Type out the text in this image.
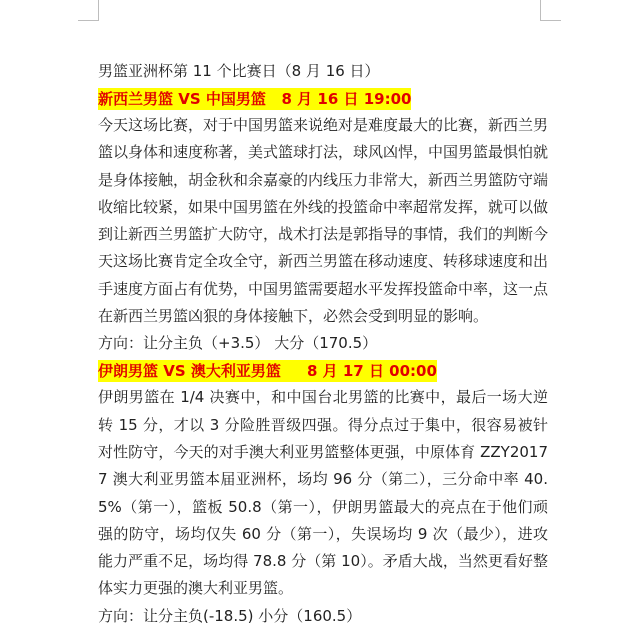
男篮亚洲杯第 11 个比赛日（8 月 16 日）
新西兰男篮 VS 中国男篮   8 月 16 日 19:00

今天这场比赛，对于中国男篮来说绝对是难度最大的比赛，新西兰男篮以身体和速度称著，美式篮球打法，球风凶悍，中国男篮最惧怕就是身体接触，胡金秋和余嘉豪的内线压力非常大，新西兰男篮防守端收缩比较紧，如果中国男篮在外线的投篮命中率超常发挥，就可以做到让新西兰男篮扩大防守，战术打法是郭指导的事情，我们的判断今天这场比赛肯定全攻全守，新西兰男篮在移动速度、转移球速度和出手速度方面占有优势，中国男篮需要超水平发挥投篮命中率，这一点在新西兰男篮凶狠的身体接触下，必然会受到明显的影响。

方向：让分主负（+3.5） 大分（170.5）
伊朗男篮 VS 澳大利亚男篮     8 月 17 日 00:00

伊朗男篮在 1/4 决赛中，和中国台北男篮的比赛中，最后一场大逆转 15 分，才以 3 分险胜晋级四强。得分点过于集中，很容易被针对性防守，今天的对手澳大利亚男篮整体更强，中原体育 ZZY20177 澳大利亚男篮本届亚洲杯，场均 96 分（第二），三分命中率 40.5%（第一），篮板 50.8（第一），伊朗男篮最大的亮点在于他们顽强的防守，场均仅失 60 分（第一），失误场均 9 次（最少），进攻能力严重不足，场均得 78.8 分（第 10）。矛盾大战，当然更看好整体实力更强的澳大利亚男篮。

方向：让分主负(-18.5) 小分（160.5）
